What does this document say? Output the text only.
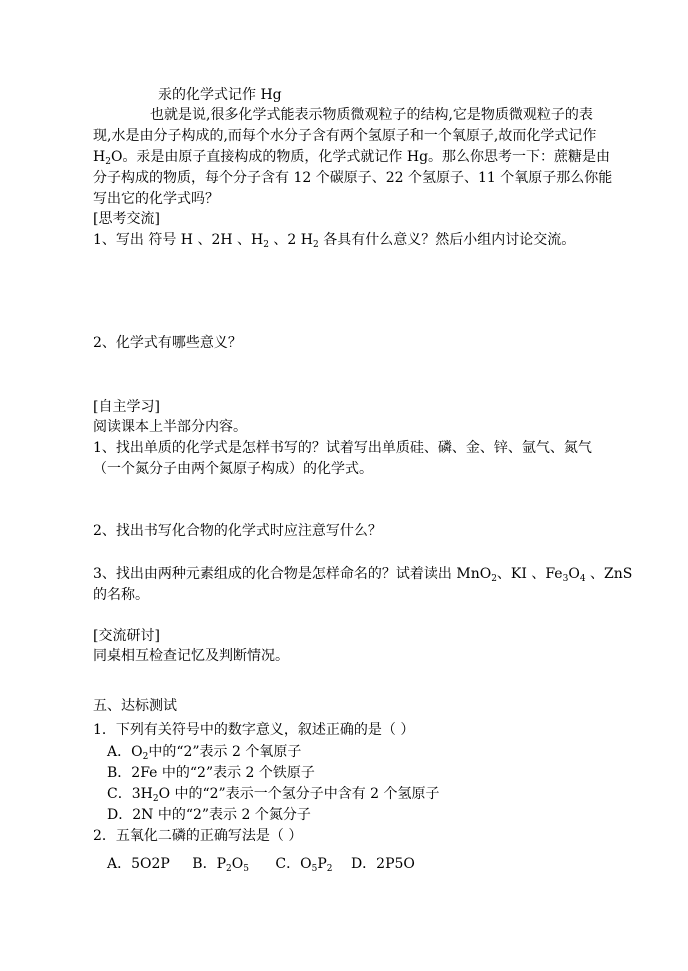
汞的化学式记作 Hg
也就是说,很多化学式能表示物质微观粒子的结构,它是物质微观粒子的表
现,水是由分子构成的,而每个水分子含有两个氢原子和一个氧原子,故而化学式记作
$H_2O$。汞是由原子直接构成的物质，化学式就记作 Hg。那么你思考一下：蔗糖是由
分子构成的物质，每个分子含有 12 个碳原子、22 个氢原子、11 个氧原子那么你能
写出它的化学式吗？
[思考交流]
1、写出 符号 H 、2H 、$H_2$ 、2 $H_2$ 各具有什么意义？然后小组内讨论交流。
2、化学式有哪些意义？
[自主学习]
阅读课本上半部分内容。
1、找出单质的化学式是怎样书写的？试着写出单质硅、磷、金、锌、氩气、氮气
（一个氮分子由两个氮原子构成）的化学式。
2、找出书写化合物的化学式时应注意写什么？
3、找出由两种元素组成的化合物是怎样命名的？试着读出 MnO$_2$、KI 、$Fe_3O_4$ 、ZnS
的名称。
[交流研讨]
同桌相互检查记忆及判断情况。
五、达标测试
1．下列有关符号中的数字意义，叙述正确的是（ ）
A．$O_2$中的“2”表示 2 个氧原子
B．2Fe 中的“2”表示 2 个铁原子
C．$3H_2O$ 中的“2”表示一个氢分子中含有 2 个氢原子
D．2N 中的“2”表示 2 个氮分子
2．五氧化二磷的正确写法是（ ）
A．5O2P B．$P_2O_5$ C．$O_5P_2$ D．2P5O
